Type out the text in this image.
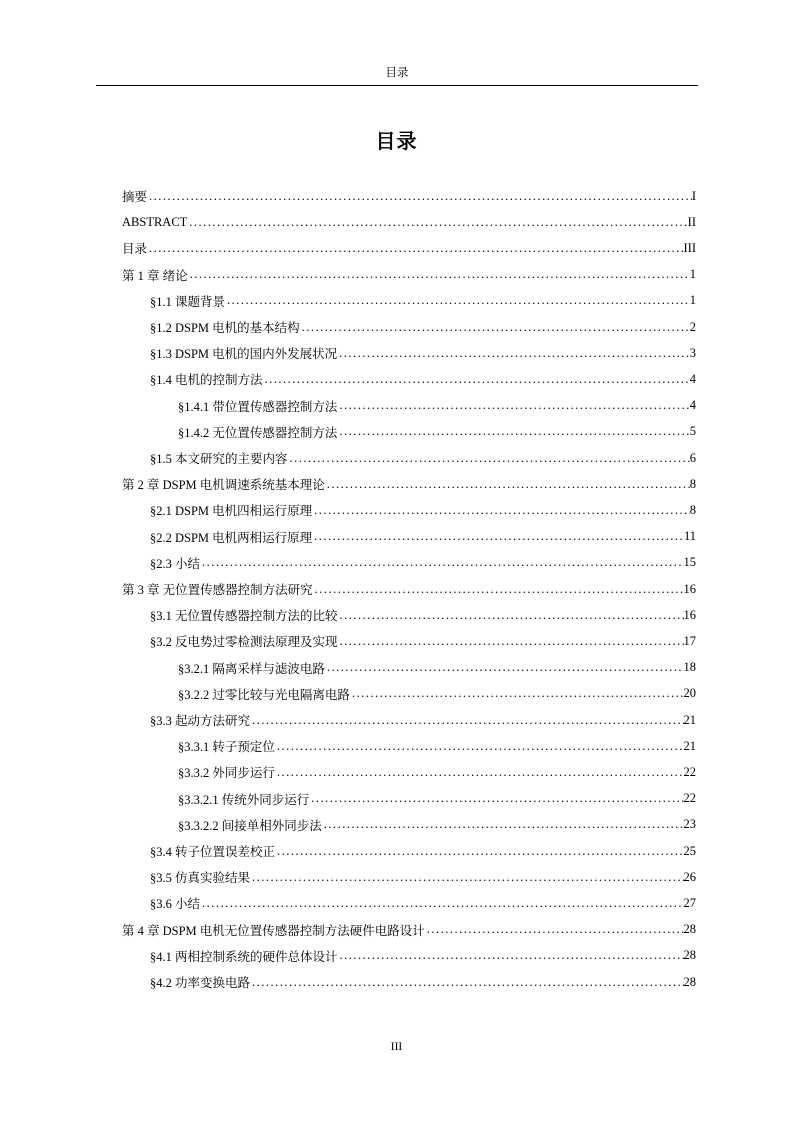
目录
目录
摘要 .....	I
ABSTRACT .....	II
目录 .....	III
第 1 章 绪论 .....	1
§1.1 课题背景 .....	1
§1.2 DSPM 电机的基本结构 .....	2
§1.3 DSPM 电机的国内外发展状况 .....	3
§1.4 电机的控制方法 .....	4
§1.4.1 带位置传感器控制方法 .....	4
§1.4.2 无位置传感器控制方法 .....	5
§1.5 本文研究的主要内容 .....	6
第 2 章 DSPM 电机调速系统基本理论 .....	8
§2.1 DSPM 电机四相运行原理 .....	8
§2.2 DSPM 电机两相运行原理 .....	11
§2.3 小结 .....	15
第 3 章 无位置传感器控制方法研究 .....	16
§3.1 无位置传感器控制方法的比较 .....	16
§3.2 反电势过零检测法原理及实现 .....	17
§3.2.1 隔离采样与滤波电路 .....	18
§3.2.2 过零比较与光电隔离电路 .....	20
§3.3 起动方法研究 .....	21
§3.3.1 转子预定位 .....	21
§3.3.2 外同步运行 .....	22
§3.3.2.1 传统外同步运行 .....	22
§3.3.2.2 间接单相外同步法 .....	23
§3.4 转子位置误差校正 .....	25
§3.5 仿真实验结果 .....	26
§3.6 小结 .....	27
第 4 章 DSPM 电机无位置传感器控制方法硬件电路设计 .....	28
§4.1 两相控制系统的硬件总体设计 .....	28
§4.2 功率变换电路 .....	28
III
